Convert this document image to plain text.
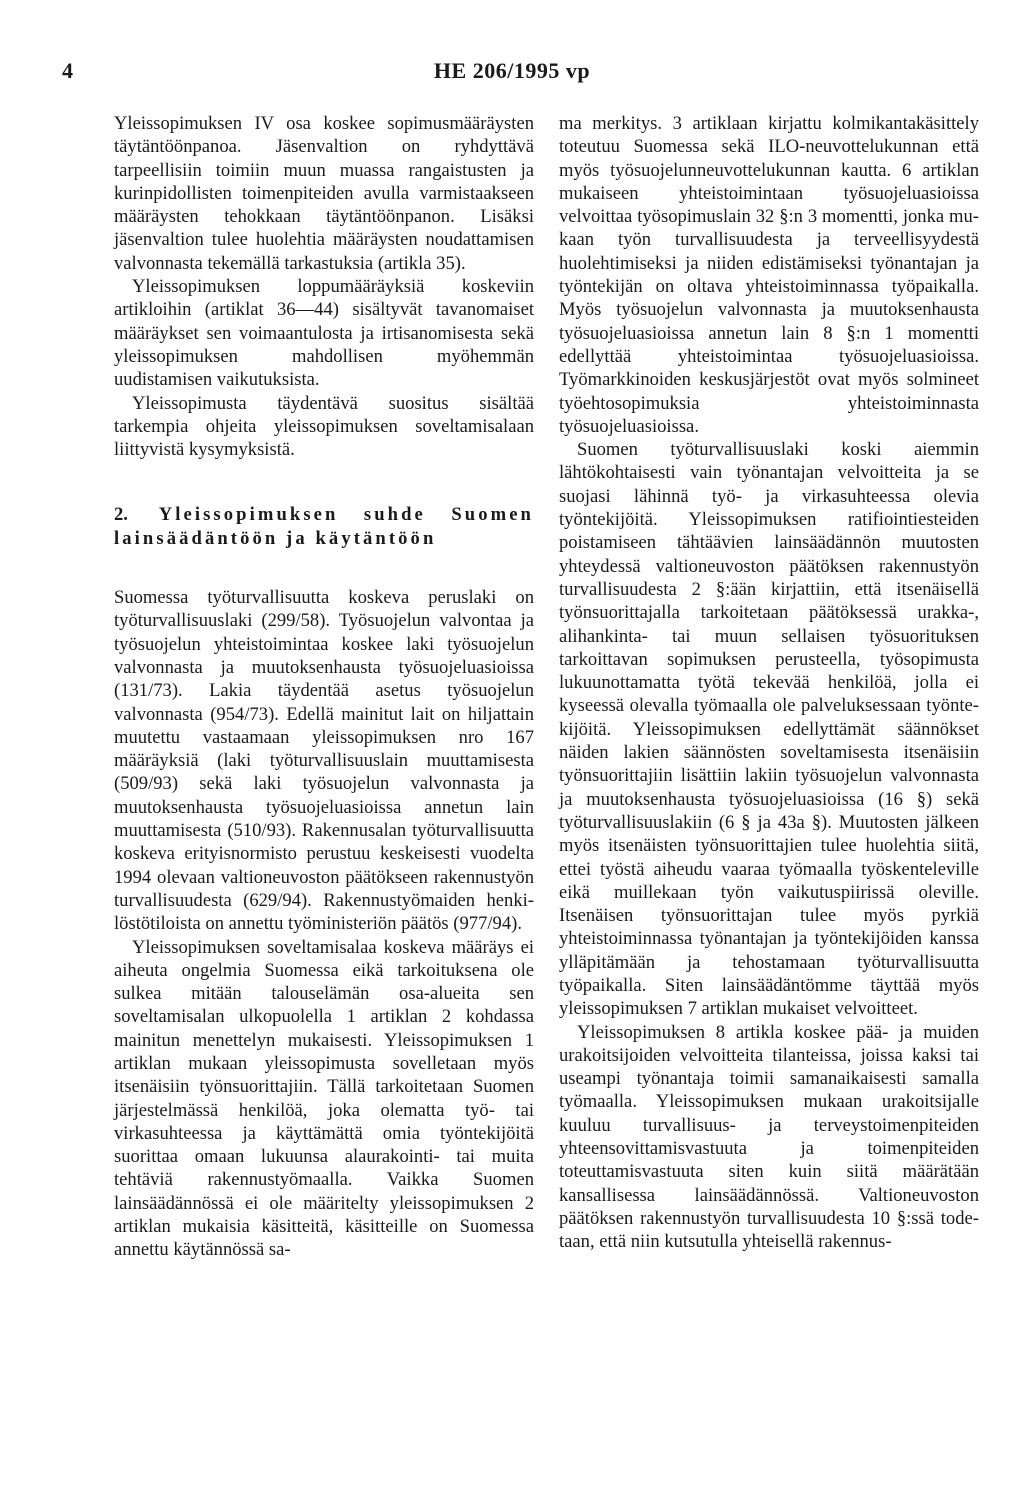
4	HE 206/1995 vp

Yleissopimuksen IV osa koskee sopimusmääräysten täytäntöönpanoa. Jäsenvaltion on ryhdyttävä tarpeellisiin toimiin muun muassa rangaistusten ja kurinpidollisten toimenpiteiden avulla varmistaakseen määräysten tehokkaan täytäntöönpanon. Lisäksi jäsenvaltion tulee huolehtia määräysten noudattamisen valvonnasta tekemällä tarkastuksia (artikla 35).

Yleissopimuksen loppumääräyksiä koskeviin artikloihin (artiklat 36—44) sisältyvät tavanomaiset määräykset sen voimaantulosta ja irtisanomisesta sekä yleissopimuksen mahdollisen myöhemmän uudistamisen vaikutuksista.

Yleissopimusta täydentävä suositus sisältää tarkempia ohjeita yleissopimuksen soveltamisalaan liittyvistä kysymyksistä.

2. Yleissopimuksen suhde Suomen lainsäädäntöön ja käytäntöön

Suomessa työturvallisuutta koskeva peruslaki on työturvallisuuslaki (299/58). Työsuojelun valvontaa ja työsuojelun yhteistoimintaa koskee laki työsuojelun valvonnasta ja muutoksenhausta työsuojeluasioissa (131/73). Lakia täydentää asetus työsuojelun valvonnasta (954/73). Edellä mainitut lait on hiljattain muutettu vastaamaan yleissopimuksen nro 167 määräyksiä (laki työturvallisuuslain muuttamisesta (509/93) sekä laki työsuojelun valvonnasta ja muutoksenhausta työsuojeluasioissa annetun lain muuttamisesta (510/93). Rakennusalan työturvallisuutta koskeva erityisnormisto perustuu keskeisesti vuodelta 1994 olevaan valtioneuvoston päätökseen rakennustyön turvallisuudesta (629/94). Rakennustyömaiden henkilöstötiloista on annettu työministeriön päätös (977/94).

Yleissopimuksen soveltamisalaa koskeva määräys ei aiheuta ongelmia Suomessa eikä tarkoituksena ole sulkea mitään talouselämän osa-alueita sen soveltamisalan ulkopuolella 1 artiklan 2 kohdassa mainitun menettelyn mukaisesti. Yleissopimuksen 1 artiklan mukaan yleissopimusta sovelletaan myös itsenäisiin työnsuorittajiin. Tällä tarkoitetaan Suomen järjestelmässä henkilöä, joka olematta työ- tai virkasuhteessa ja käyttämättä omia työntekijöitä suorittaa omaan lukuunsa alaurakointi- tai muita tehtäviä rakennustyömaalla. Vaikka Suomen lainsäädännössä ei ole määritelty yleissopimuksen 2 artiklan mukaisia käsitteitä, käsitteille on Suomessa annettu käytännössä sa-

ma merkitys. 3 artiklaan kirjattu kolmikantakäsittely toteutuu Suomessa sekä ILO-neuvottelukunnan että myös työsuojelunneuvottelukunnan kautta. 6 artiklan mukaiseen yhteistoimintaan työsuojeluasioissa velvoittaa työsopimuslain 32 §:n 3 momentti, jonka mukaan työn turvallisuudesta ja terveellisyydestä huolehtimiseksi ja niiden edistämiseksi työnantajan ja työntekijän on oltava yhteistoiminnassa työpaikalla. Myös työsuojelun valvonnasta ja muutoksenhausta työsuojeluasioissa annetun lain 8 §:n 1 momentti edellyttää yhteistoimintaa työsuojeluasioissa. Työmarkkinoiden keskusjärjestöt ovat myös solmineet työehtosopimuksia yhteistoiminnasta työsuojeluasioissa.

Suomen työturvallisuuslaki koski aiemmin lähtökohtaisesti vain työnantajan velvoitteita ja se suojasi lähinnä työ- ja virkasuhteessa olevia työntekijöitä. Yleissopimuksen ratifiointiesteiden poistamiseen tähtäävien lainsäädännön muutosten yhteydessä valtioneuvoston päätöksen rakennustyön turvallisuudesta 2 §:ään kirjattiin, että itsenäisellä työnsuorittajalla tarkoitetaan päätöksessä urakka-, alihankinta- tai muun sellaisen työsuorituksen tarkoittavan sopimuksen perusteella, työsopimusta lukuunottamatta työtä tekevää henkilöä, jolla ei kyseessä olevalla työmaalla ole palveluksessaan työntekijöitä. Yleissopimuksen edellyttämät säännökset näiden lakien säännösten soveltamisesta itsenäisiin työnsuorittajiin lisättiin lakiin työsuojelun valvonnasta ja muutoksenhausta työsuojeluasioissa (16 §) sekä työturvallisuuslakiin (6 § ja 43a §). Muutosten jälkeen myös itsenäisten työnsuorittajien tulee huolehtia siitä, ettei työstä aiheudu vaaraa työmaalla työskenteleville eikä muillekaan työn vaikutuspiirissä oleville. Itsenäisen työnsuorittajan tulee myös pyrkiä yhteistoiminnassa työnantajan ja työntekijöiden kanssa ylläpitämään ja tehostamaan työturvallisuutta työpaikalla. Siten lainsäädäntömme täyttää myös yleissopimuksen 7 artiklan mukaiset velvoitteet.

Yleissopimuksen 8 artikla koskee pää- ja muiden urakoitsijoiden velvoitteita tilanteissa, joissa kaksi tai useampi työnantaja toimii samanaikaisesti samalla työmaalla. Yleissopimuksen mukaan urakoitsijalle kuuluu turvallisuus- ja terveystoimenpiteiden yhteensovittamisvastuuta ja toimenpiteiden toteuttamisvastuuta siten kuin siitä määrätään kansallisessa lainsäädännössä. Valtioneuvoston päätöksen rakennustyön turvallisuudesta 10 §:ssä todetaan, että niin kutsutulla yhteisellä rakennus-
